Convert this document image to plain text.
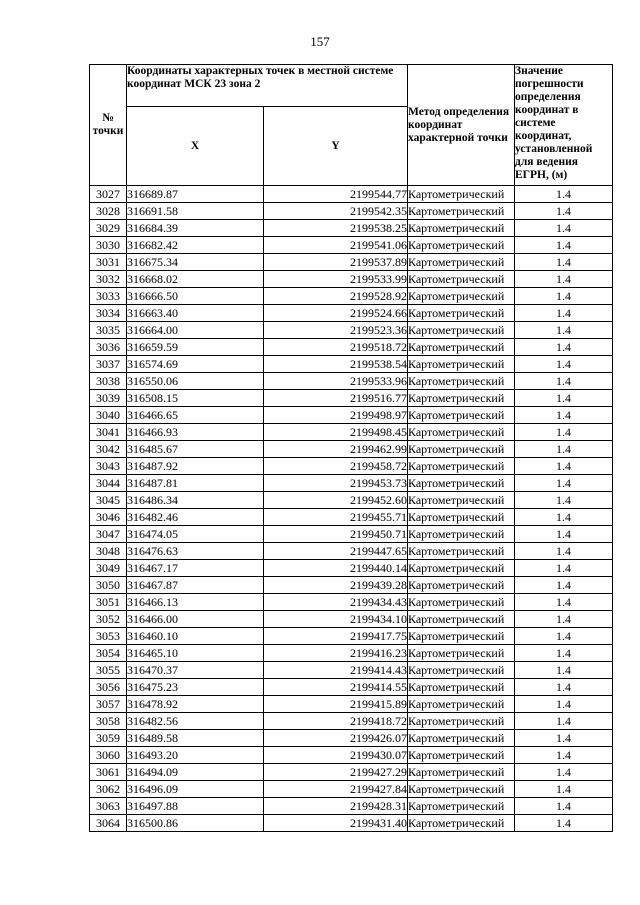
157
№ точки	Координаты характерных точек в местной системе координат МСК 23 зона 2		Метод определения координат характерной точки	Значение погрешности определения координат в системе координат, установленной для ведения ЕГРН, (м)
	X	Y		
3027	316689.87	2199544.77	Картометрический	1.4
3028	316691.58	2199542.35	Картометрический	1.4
3029	316684.39	2199538.25	Картометрический	1.4
3030	316682.42	2199541.06	Картометрический	1.4
3031	316675.34	2199537.89	Картометрический	1.4
3032	316668.02	2199533.99	Картометрический	1.4
3033	316666.50	2199528.92	Картометрический	1.4
3034	316663.40	2199524.66	Картометрический	1.4
3035	316664.00	2199523.36	Картометрический	1.4
3036	316659.59	2199518.72	Картометрический	1.4
3037	316574.69	2199538.54	Картометрический	1.4
3038	316550.06	2199533.96	Картометрический	1.4
3039	316508.15	2199516.77	Картометрический	1.4
3040	316466.65	2199498.97	Картометрический	1.4
3041	316466.93	2199498.45	Картометрический	1.4
3042	316485.67	2199462.99	Картометрический	1.4
3043	316487.92	2199458.72	Картометрический	1.4
3044	316487.81	2199453.73	Картометрический	1.4
3045	316486.34	2199452.60	Картометрический	1.4
3046	316482.46	2199455.71	Картометрический	1.4
3047	316474.05	2199450.71	Картометрический	1.4
3048	316476.63	2199447.65	Картометрический	1.4
3049	316467.17	2199440.14	Картометрический	1.4
3050	316467.87	2199439.28	Картометрический	1.4
3051	316466.13	2199434.43	Картометрический	1.4
3052	316466.00	2199434.10	Картометрический	1.4
3053	316460.10	2199417.75	Картометрический	1.4
3054	316465.10	2199416.23	Картометрический	1.4
3055	316470.37	2199414.43	Картометрический	1.4
3056	316475.23	2199414.55	Картометрический	1.4
3057	316478.92	2199415.89	Картометрический	1.4
3058	316482.56	2199418.72	Картометрический	1.4
3059	316489.58	2199426.07	Картометрический	1.4
3060	316493.20	2199430.07	Картометрический	1.4
3061	316494.09	2199427.29	Картометрический	1.4
3062	316496.09	2199427.84	Картометрический	1.4
3063	316497.88	2199428.31	Картометрический	1.4
3064	316500.86	2199431.40	Картометрический	1.4
